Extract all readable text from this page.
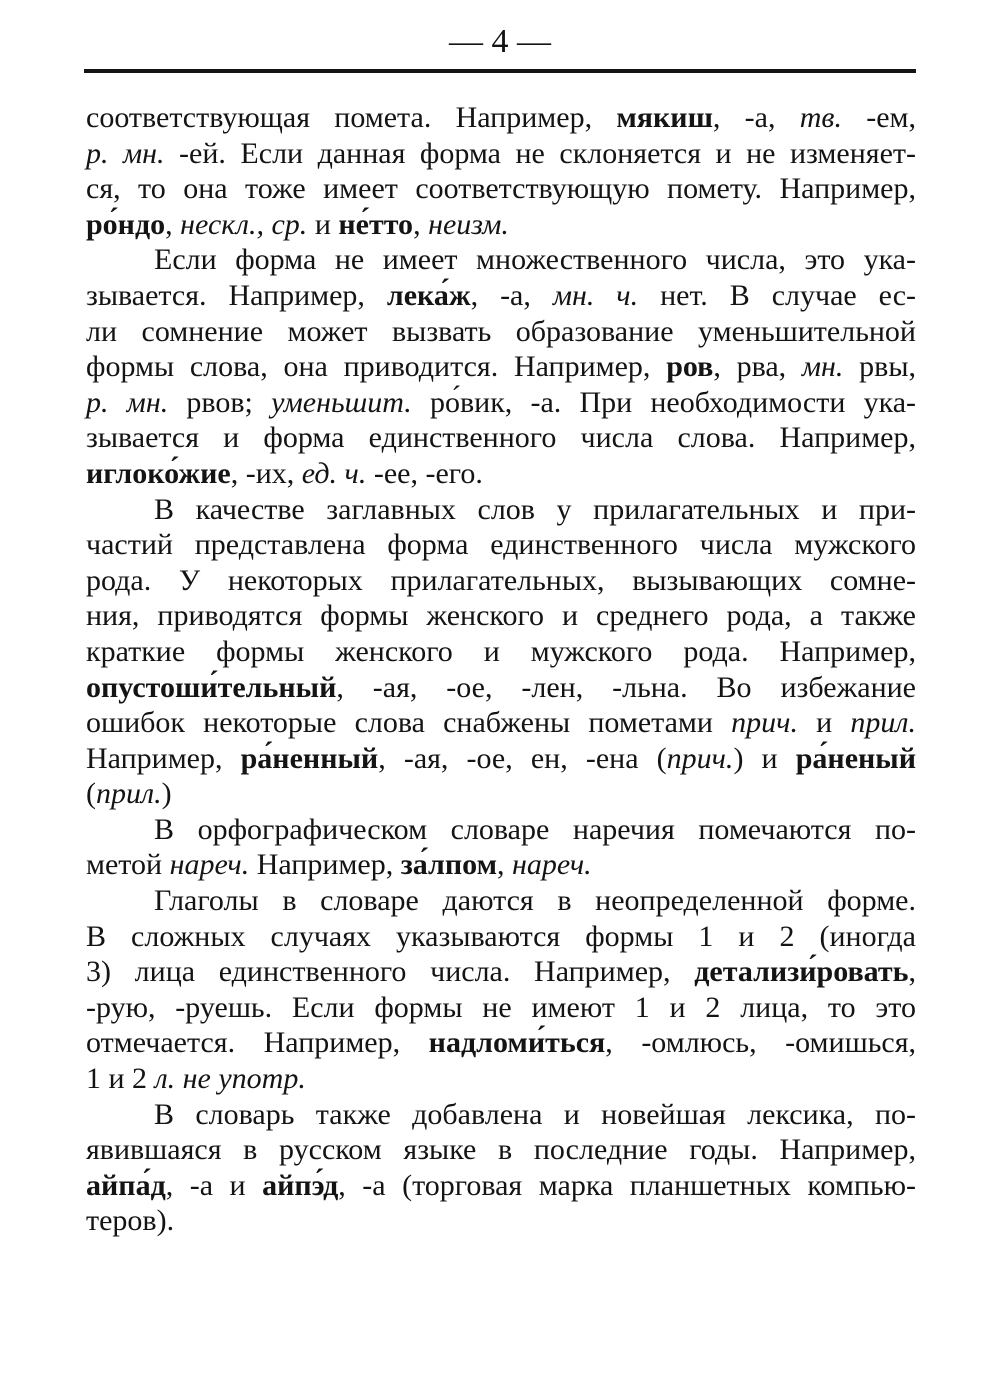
— 4 —
соответствующая помета. Например, мякиш, -а, тв. -ем,
р. мн. -ей. Если данная форма не склоняется и не изменяет-
ся, то она тоже имеет соответствующую помету. Например,
ро́ндо, нескл., ср. и не́тто, неизм.
Если форма не имеет множественного числа, это ука-
зывается. Например, лека́ж, -а, мн. ч. нет. В случае ес-
ли сомнение может вызвать образование уменьшительной
формы слова, она приводится. Например, ров, рва, мн. рвы,
р. мн. рвов; уменьшит. ро́вик, -а. При необходимости ука-
зывается и форма единственного числа слова. Например,
иглоко́жие, -их, ед. ч. -ее, -его.
В качестве заглавных слов у прилагательных и при-
частий представлена форма единственного числа мужского
рода. У некоторых прилагательных, вызывающих сомне-
ния, приводятся формы женского и среднего рода, а также
краткие формы женского и мужского рода. Например,
опустоши́тельный, -ая, -ое, -лен, -льна. Во избежание
ошибок некоторые слова снабжены пометами прич. и прил.
Например, ра́ненный, -ая, -ое, ен, -ена (прич.) и ра́неный
(прил.)
В орфографическом словаре наречия помечаются по-
метой нареч. Например, за́лпом, нареч.
Глаголы в словаре даются в неопределенной форме.
В сложных случаях указываются формы 1 и 2 (иногда
3) лица единственного числа. Например, детализи́ровать,
-рую, -руешь. Если формы не имеют 1 и 2 лица, то это
отмечается. Например, надломи́ться, -омлюсь, -омишься,
1 и 2 л. не употр.
В словарь также добавлена и новейшая лексика, по-
явившаяся в русском языке в последние годы. Например,
айпа́д, -а и айпэ́д, -а (торговая марка планшетных компью-
теров).
